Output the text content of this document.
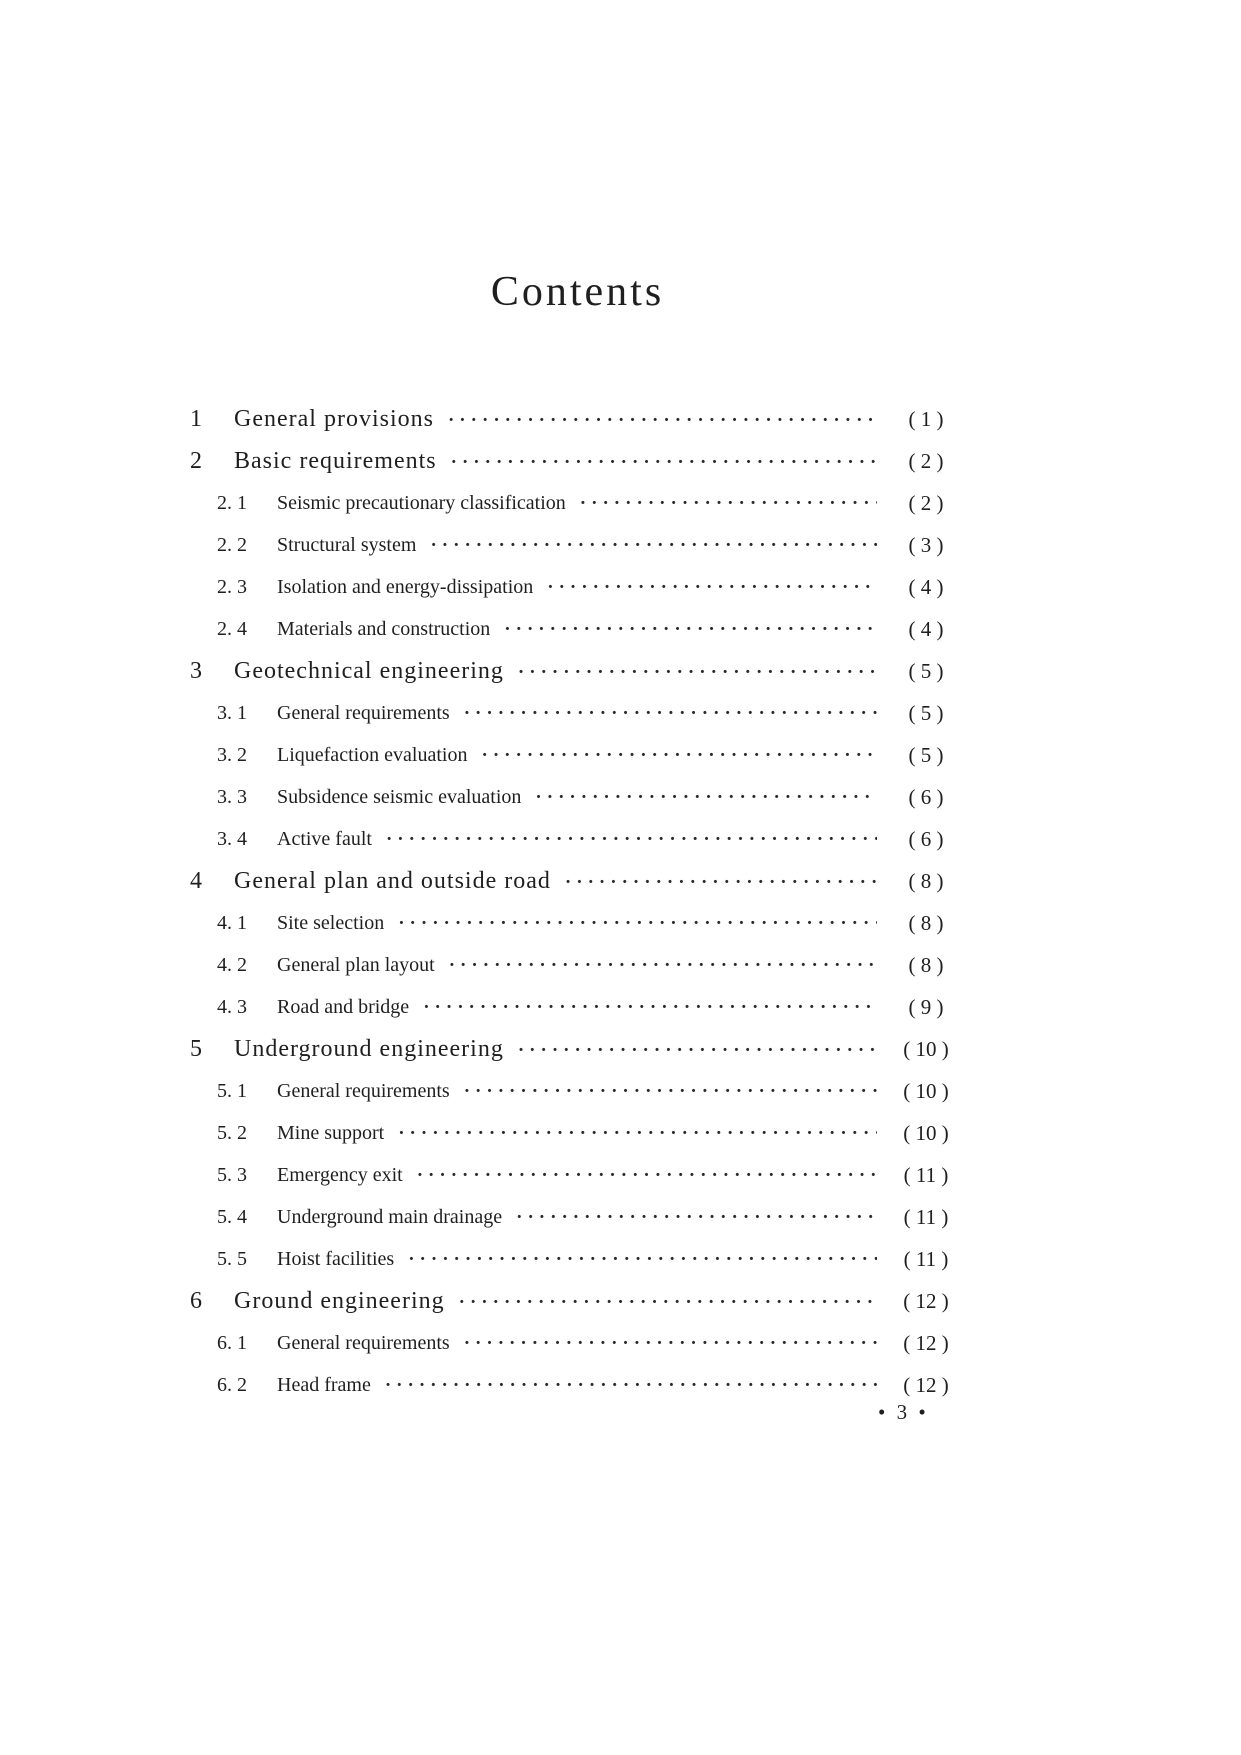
Contents
1	General provisions ·····	( 1 )
2	Basic requirements ·····	( 2 )
2. 1	Seismic precautionary classification ·····	( 2 )
2. 2	Structural system ·····	( 3 )
2. 3	Isolation and energy-dissipation ·····	( 4 )
2. 4	Materials and construction ·····	( 4 )
3	Geotechnical engineering ·····	( 5 )
3. 1	General requirements ·····	( 5 )
3. 2	Liquefaction evaluation ·····	( 5 )
3. 3	Subsidence seismic evaluation ·····	( 6 )
3. 4	Active fault ·····	( 6 )
4	General plan and outside road ·····	( 8 )
4. 1	Site selection ·····	( 8 )
4. 2	General plan layout ·····	( 8 )
4. 3	Road and bridge ·····	( 9 )
5	Underground engineering ·····	( 10 )
5. 1	General requirements ·····	( 10 )
5. 2	Mine support ·····	( 10 )
5. 3	Emergency exit ·····	( 11 )
5. 4	Underground main drainage ·····	( 11 )
5. 5	Hoist facilities ·····	( 11 )
6	Ground engineering ·····	( 12 )
6. 1	General requirements ·····	( 12 )
6. 2	Head frame ·····	( 12 )
• 3 •
